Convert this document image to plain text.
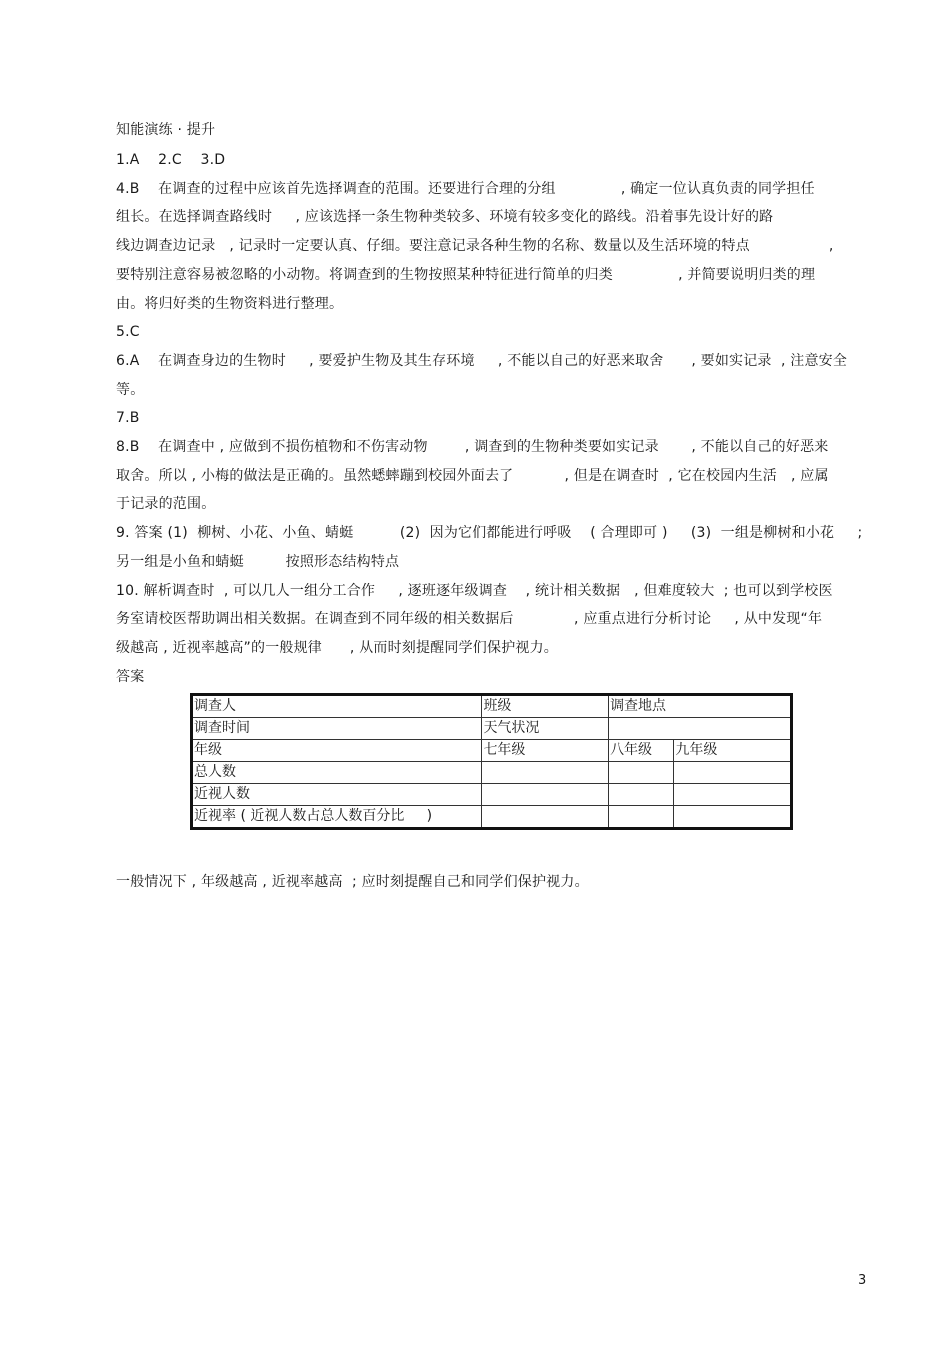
知能演练 · 提升
1.A    2.C    3.D
4.B    在调查的过程中应该首先选择调查的范围。还要进行合理的分组              , 确定一位认真负责的同学担任
组长。在选择调查路线时     , 应该选择一条生物种类较多、环境有较多变化的路线。沿着事先设计好的路
线边调查边记录   , 记录时一定要认真、仔细。要注意记录各种生物的名称、数量以及生活环境的特点                 ,
要特别注意容易被忽略的小动物。将调查到的生物按照某种特征进行简单的归类              , 并简要说明归类的理
由。将归好类的生物资料进行整理。
5.C
6.A    在调查身边的生物时     , 要爱护生物及其生存环境     , 不能以自己的好恶来取舍      , 要如实记录  , 注意安全
等。
7.B
8.B    在调查中 , 应做到不损伤植物和不伤害动物        , 调查到的生物种类要如实记录       , 不能以自己的好恶来
取舍。所以 , 小梅的做法是正确的。虽然蟋蟀蹦到校园外面去了           , 但是在调查时  , 它在校园内生活   , 应属
于记录的范围。
9. 答案 (1)  柳树、小花、小鱼、蜻蜓          (2)  因为它们都能进行呼吸    ( 合理即可 )     (3)  一组是柳树和小花     ;
另一组是小鱼和蜻蜓         按照形态结构特点
10. 解析调查时  , 可以几人一组分工合作     , 逐班逐年级调查    , 统计相关数据   , 但难度较大  ; 也可以到学校医
务室请校医帮助调出相关数据。在调查到不同年级的相关数据后             , 应重点进行分析讨论     , 从中发现“年
级越高 , 近视率越高”的一般规律      , 从而时刻提醒同学们保护视力。
答案
调查人	班级	调查地点	
调查时间	天气状况		
年级	七年级	八年级	九年级
总人数			
近视人数			
近视率 ( 近视人数占总人数百分比     )			
一般情况下 , 年级越高 , 近视率越高  ; 应时刻提醒自己和同学们保护视力。
3
